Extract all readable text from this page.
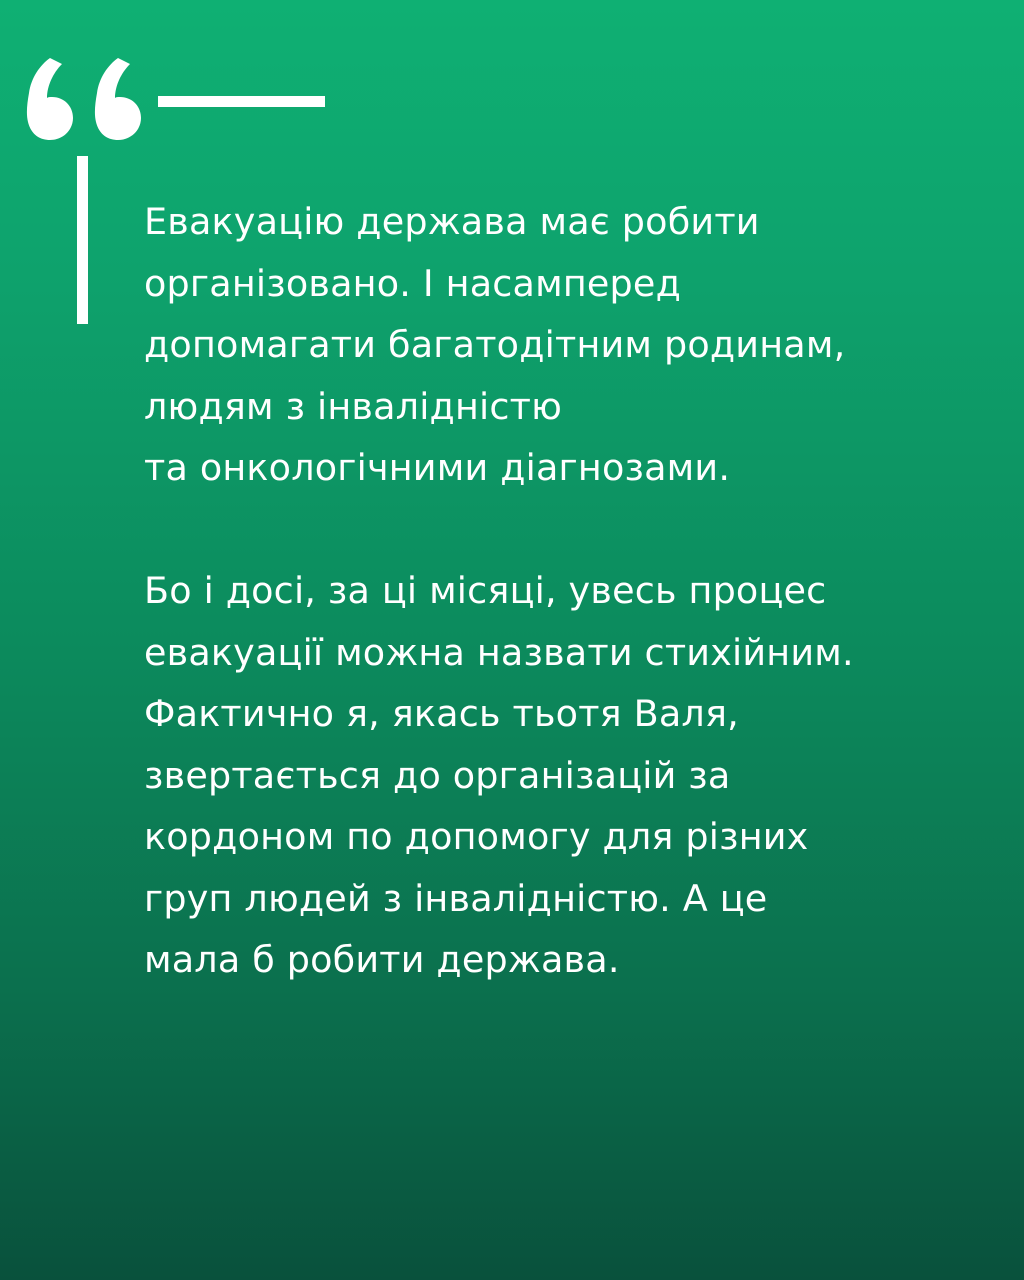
Евакуацію держава має робити
організовано. І насамперед
допомагати багатодітним родинам,
людям з інвалідністю
та онкологічними діагнозами.
Бо і досі, за ці місяці, увесь процес
евакуації можна назвати стихійним.
Фактично я, якась тьотя Валя,
звертається до організацій за
кордоном по допомогу для різних
груп людей з інвалідністю. А це
мала б робити держава.
